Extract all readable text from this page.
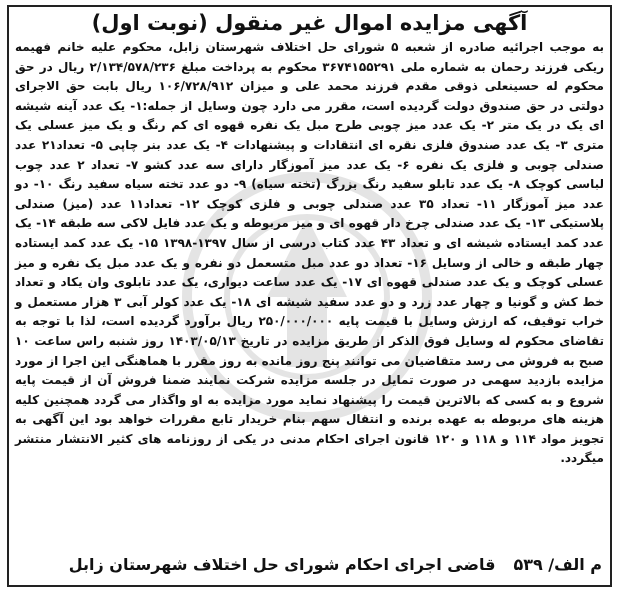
آگهی مزایده اموال غیر منقول (نوبت اول)

به موجب اجرائیه صادره از شعبه ۵ شورای حل اختلاف شهرستان زابل، محکوم علیه خانم فهیمه ریکی فرزند رحمان به شماره ملی ۳۶۷۴۱۵۵۲۹۱ محکوم به پرداخت مبلغ ۲/۱۳۴/۵۷۸/۲۳۶ ریال در حق محکوم له حسینعلی ذوقی مقدم فرزند محمد علی و میزان ۱۰۶/۷۲۸/۹۱۲ ریال بابت حق الاجرای دولتی در حق صندوق دولت گردیده است، مقرر می دارد چون وسایل از جمله:۱- یک عدد آینه شیشه ای یک در یک متر ۲- یک عدد میز چوبی طرح مبل یک نفره قهوه ای کم رنگ و یک میز عسلی یک متری ۳- یک عدد صندوق فلزی نقره ای انتقادات و پیشنهادات ۴- یک عدد بنر چاپی ۵- تعداد۲۱ عدد صندلی چوبی و فلزی یک نفره ۶- یک عدد میز آموزگار دارای سه عدد کشو ۷- تعداد ۲ عدد چوب لباسی کوچک ۸- یک عدد تابلو سفید رنگ بزرگ (تخته سیاه) ۹- دو عدد تخته سیاه سفید رنگ ۱۰- دو عدد میز آموزگار ۱۱- تعداد ۳۵ عدد صندلی چوبی و فلزی کوچک ۱۲- تعداد۱۱ عدد (میز) صندلی پلاستیکی ۱۳- یک عدد صندلی چرخ دار قهوه ای و میز مربوطه و یک عدد فایل لاکی سه طبقه ۱۴- یک عدد کمد ایستاده شیشه ای و تعداد ۴۳ عدد کتاب درسی از سال ۱۳۹۷-۱۳۹۸ ۱۵- یک عدد کمد ایستاده چهار طبقه و خالی از وسایل ۱۶- تعداد دو عدد مبل متسعمل دو نفره و یک عدد مبل یک نفره و میز عسلی کوچک و یک عدد صندلی قهوه ای ۱۷- یک عدد ساعت دیواری، یک عدد تابلوی وان یکاد و تعداد خط کش و گونیا و چهار عدد زرد و دو عدد سفید شیشه ای ۱۸- یک عدد کولر آبی ۳ هزار مستعمل و خراب توقیف، که ارزش وسایل با قیمت پایه ۲۵۰/۰۰۰/۰۰۰ ریال برآورد گردیده است، لذا با توجه به تقاضای محکوم له وسایل فوق الذکر از طریق مزایده در تاریخ ۱۴۰۳/۰۵/۱۳ روز شنبه راس ساعت ۱۰ صبح به فروش می رسد متقاضیان می توانند پنج روز مانده به روز مقرر با هماهنگی این اجرا از مورد مزایده بازدید سهمی در صورت تمایل در جلسه مزایده شرکت نمایند ضمنا فروش آن از قیمت پایه شروع و به کسی که بالاترین قیمت را پیشنهاد نماید مورد مزایده به او واگذار می گردد همچنین کلیه هزینه های مربوطه به عهده برنده و انتقال سهم بنام خریدار تابع مقررات خواهد بود این آگهی به تجویز مواد ۱۱۴ و ۱۱۸ و ۱۲۰ قانون اجرای احکام مدنی در یکی از روزنامه های کثیر الانتشار منتشر میگردد.

م الف/ ۵۳۹
قاضی اجرای احکام شورای حل اختلاف شهرستان زابل
